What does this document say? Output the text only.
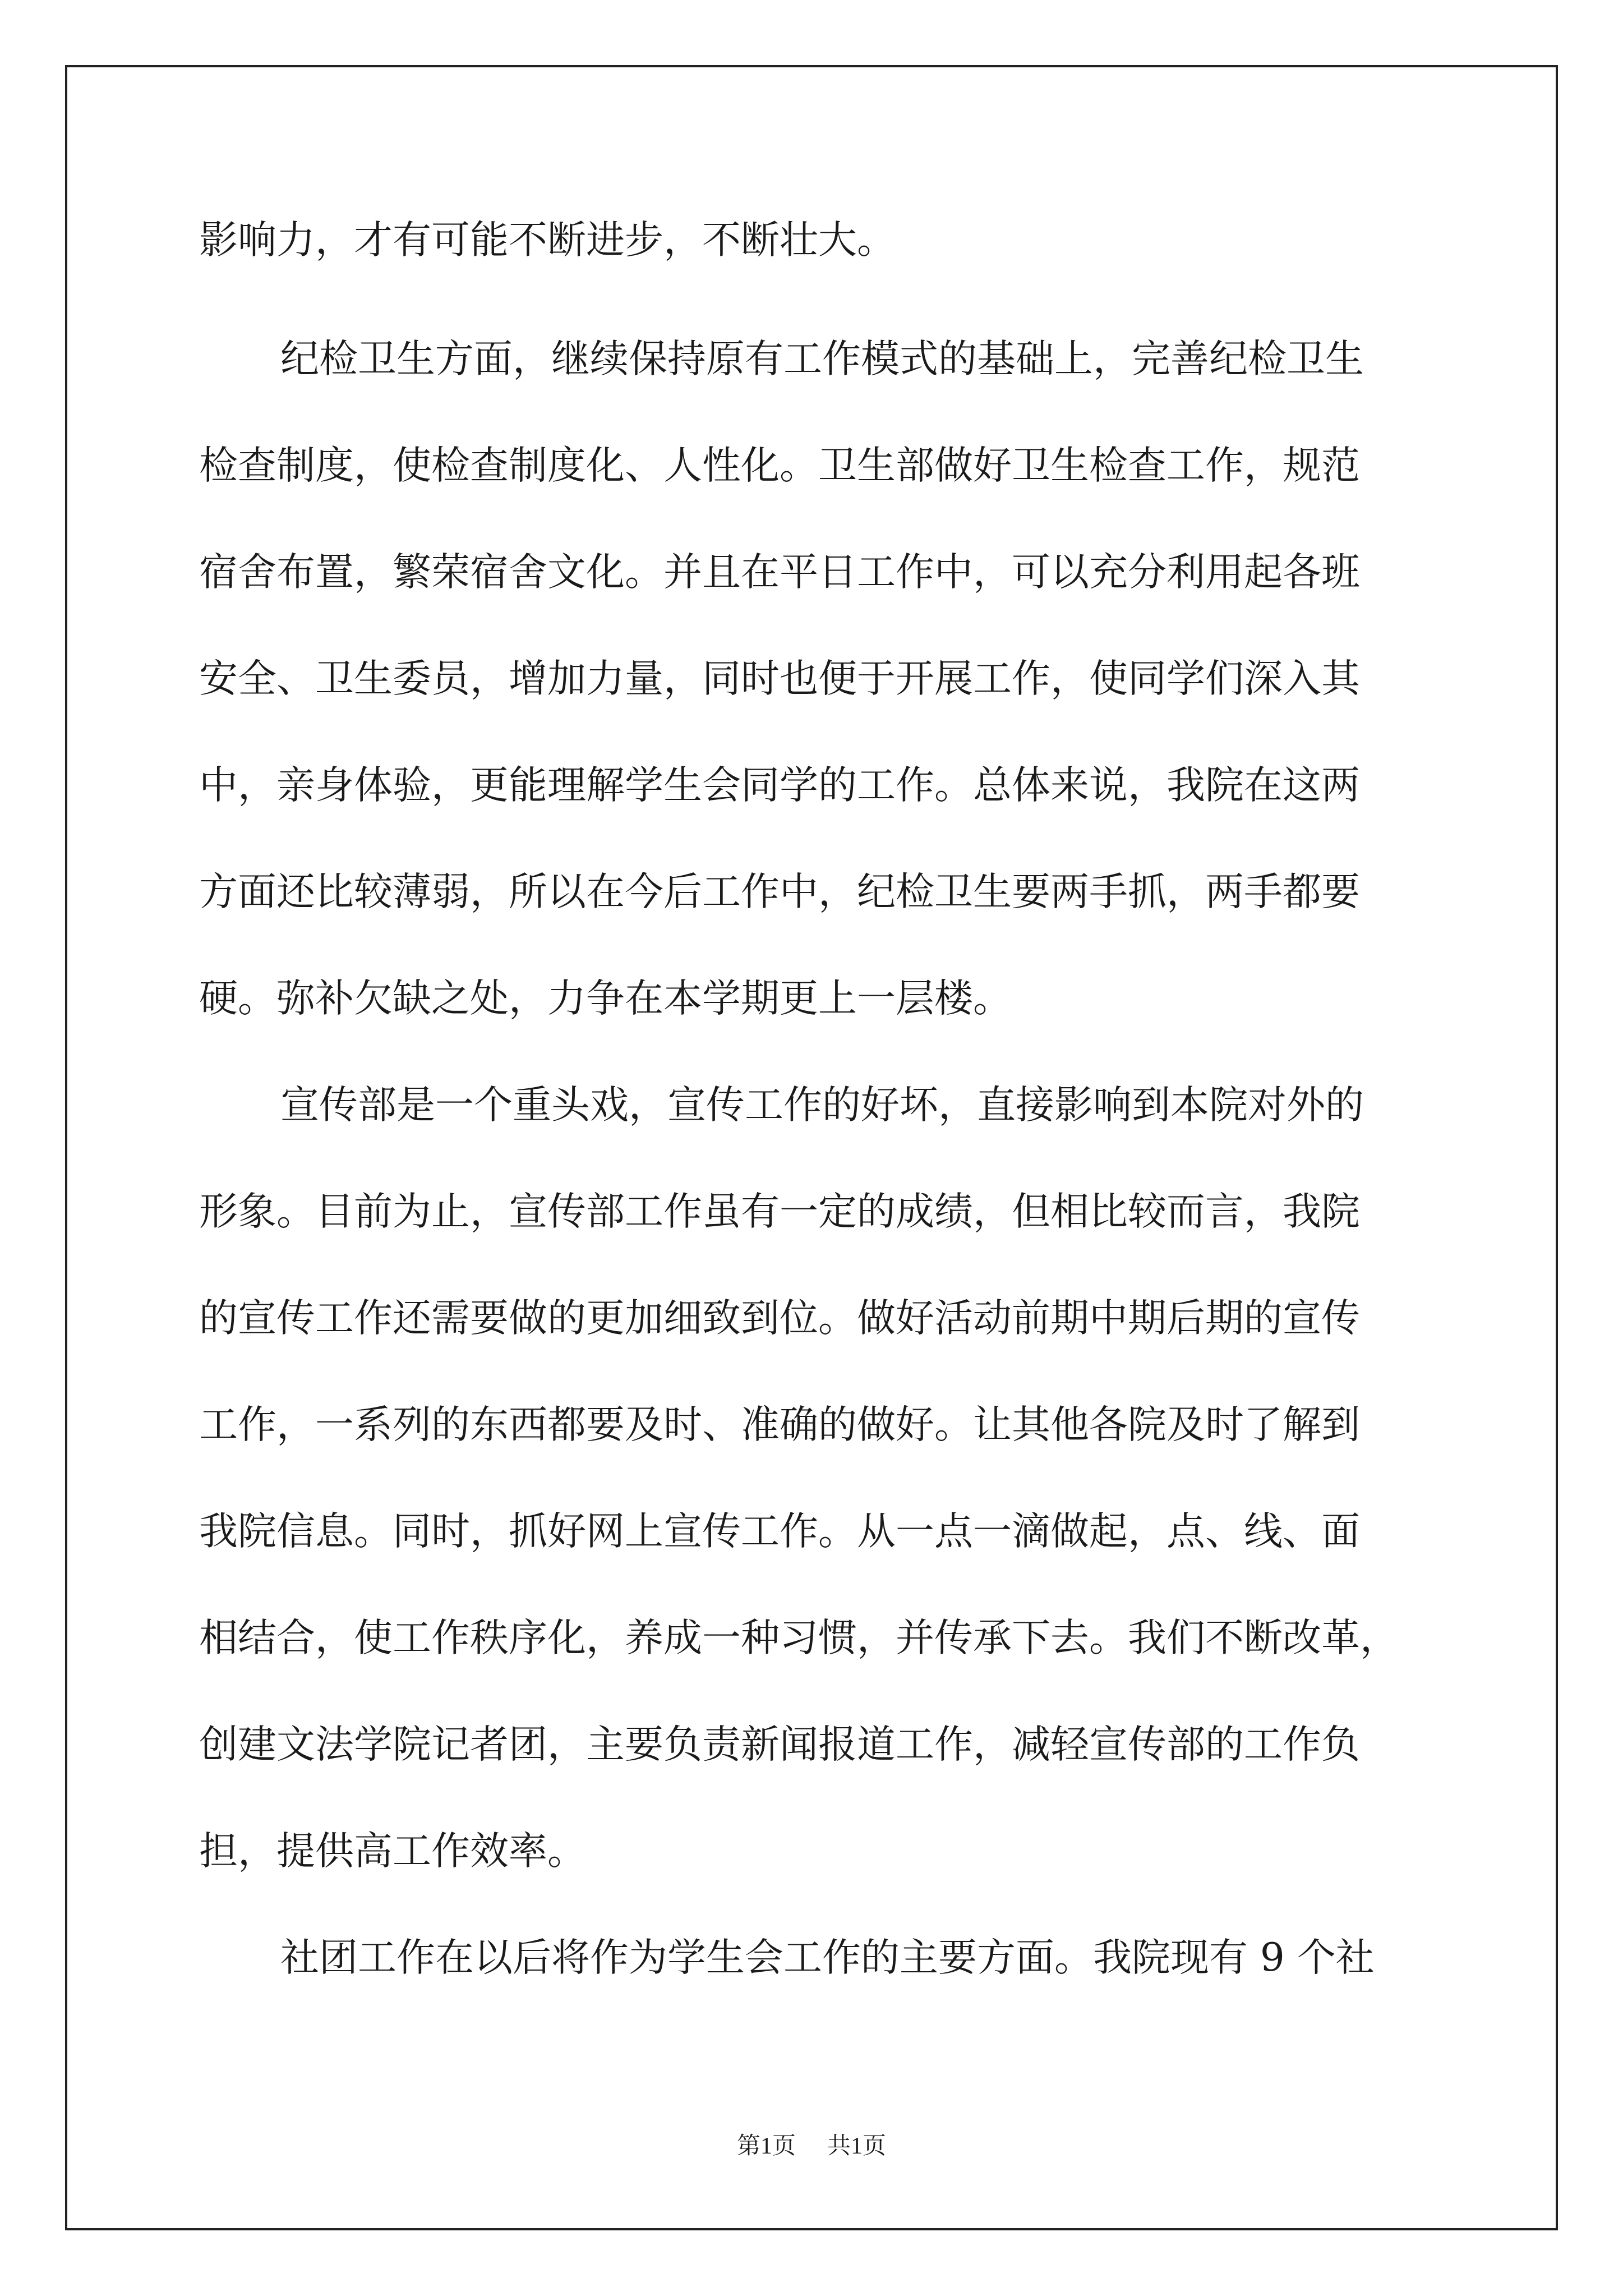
影响力，才有可能不断进步，不断壮大。

纪检卫生方面，继续保持原有工作模式的基础上，完善纪检卫生

检查制度，使检查制度化、人性化。卫生部做好卫生检查工作，规范

宿舍布置，繁荣宿舍文化。并且在平日工作中，可以充分利用起各班

安全、卫生委员，增加力量，同时也便于开展工作，使同学们深入其

中，亲身体验，更能理解学生会同学的工作。总体来说，我院在这两

方面还比较薄弱，所以在今后工作中，纪检卫生要两手抓，两手都要

硬。弥补欠缺之处，力争在本学期更上一层楼。

宣传部是一个重头戏，宣传工作的好坏，直接影响到本院对外的

形象。目前为止，宣传部工作虽有一定的成绩，但相比较而言，我院

的宣传工作还需要做的更加细致到位。做好活动前期中期后期的宣传

工作，一系列的东西都要及时、准确的做好。让其他各院及时了解到

我院信息。同时，抓好网上宣传工作。从一点一滴做起，点、线、面

相结合，使工作秩序化，养成一种习惯，并传承下去。我们不断改革，

创建文法学院记者团，主要负责新闻报道工作，减轻宣传部的工作负

担，提供高工作效率。

社团工作在以后将作为学生会工作的主要方面。我院现有 9 个社

第1页 共1页
